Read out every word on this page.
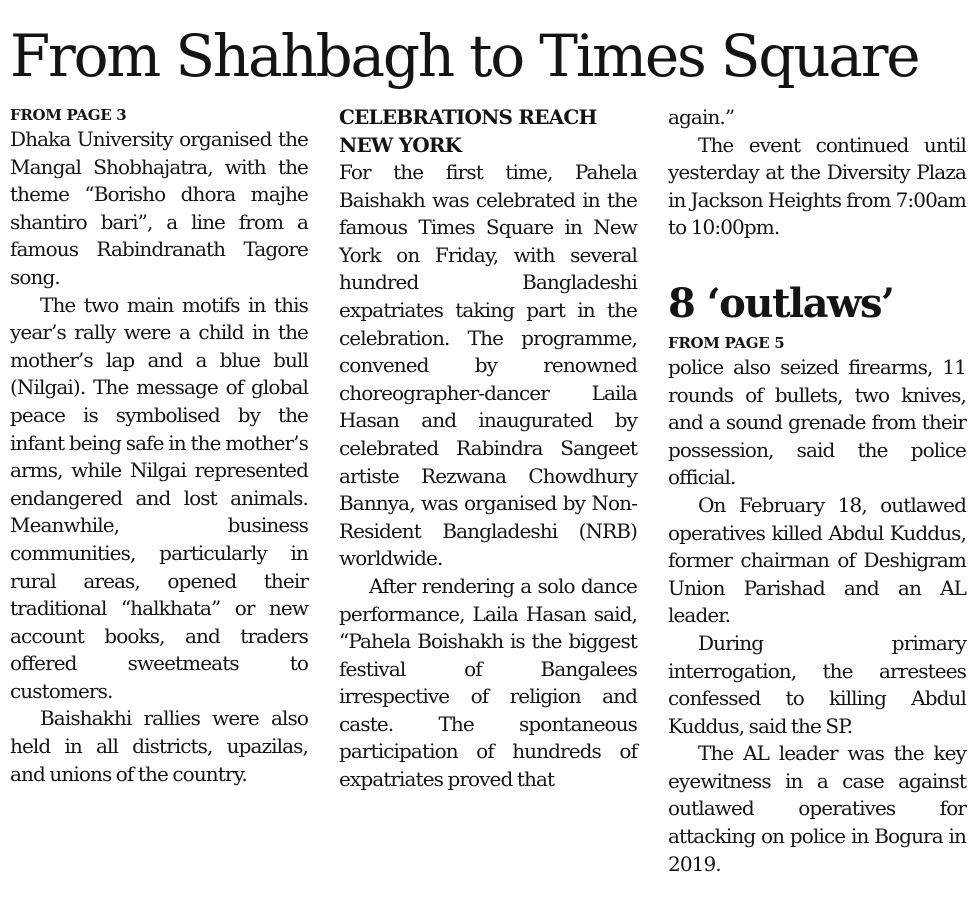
From Shahbagh to Times Square

FROM PAGE 3

Dhaka University organised the Mangal Shobhajatra, with the theme “Borisho dhora majhe shantiro bari”, a line from a famous Rabindranath Tagore song.

The two main motifs in this year’s rally were a child in the mother’s lap and a blue bull (Nilgai). The message of global peace is symbolised by the infant being safe in the mother’s arms, while Nilgai represented endangered and lost animals. Meanwhile, business communities, particularly in rural areas, opened their traditional “halkhata” or new account books, and traders offered sweetmeats to customers.

Baishakhi rallies were also held in all districts, upazilas, and unions of the country.

CELEBRATIONS REACH
NEW YORK

For the first time, Pahela Baishakh was celebrated in the famous Times Square in New York on Friday, with several hundred Bangladeshi expatriates taking part in the celebration. The programme, convened by renowned choreographer-dancer Laila Hasan and inaugurated by celebrated Rabindra Sangeet artiste Rezwana Chowdhury Bannya, was organised by Non-Resident Bangladeshi (NRB) worldwide.

After rendering a solo dance performance, Laila Hasan said, “Pahela Boishakh is the biggest festival of Bangalees irrespective of religion and caste. The spontaneous participation of hundreds of expatriates proved that

again.”

The event continued until yesterday at the Diversity Plaza in Jackson Heights from 7:00am to 10:00pm.

8 ‘outlaws’

FROM PAGE 5

police also seized firearms, 11 rounds of bullets, two knives, and a sound grenade from their possession, said the police official.

On February 18, outlawed operatives killed Abdul Kuddus, former chairman of Deshigram Union Parishad and an AL leader.

During primary interrogation, the arrestees confessed to killing Abdul Kuddus, said the SP.

The AL leader was the key eyewitness in a case against outlawed operatives for attacking on police in Bogura in 2019.
